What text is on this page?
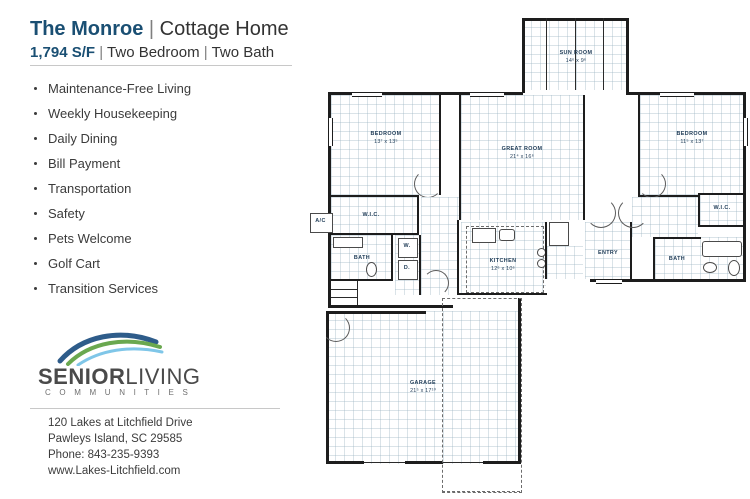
The Monroe | Cottage Home
1,794 S/F | Two Bedroom | Two Bath
Maintenance-Free Living
Weekly Housekeeping
Daily Dining
Bill Payment
Transportation
Safety
Pets Welcome
Golf Cart
Transition Services
SENIORLIVING
C O M M U N I T I E S
120 Lakes at Litchfield Drive
Pawleys Island, SC 29585
Phone: 843-235-9393
www.Lakes-Litchfield.com
SUN ROOM
14⁶ x 9⁶
BEDROOM
13⁷ x 13⁵
GREAT ROOM
21⁴ x 16⁶
BEDROOM
11⁵ x 13⁷
W.I.C.
A/C
BATH
W.
D.
KITCHEN
12⁶ x 10⁶
ENTRY
W.I.C.
BATH
GARAGE
21⁵ x 17¹⁰
